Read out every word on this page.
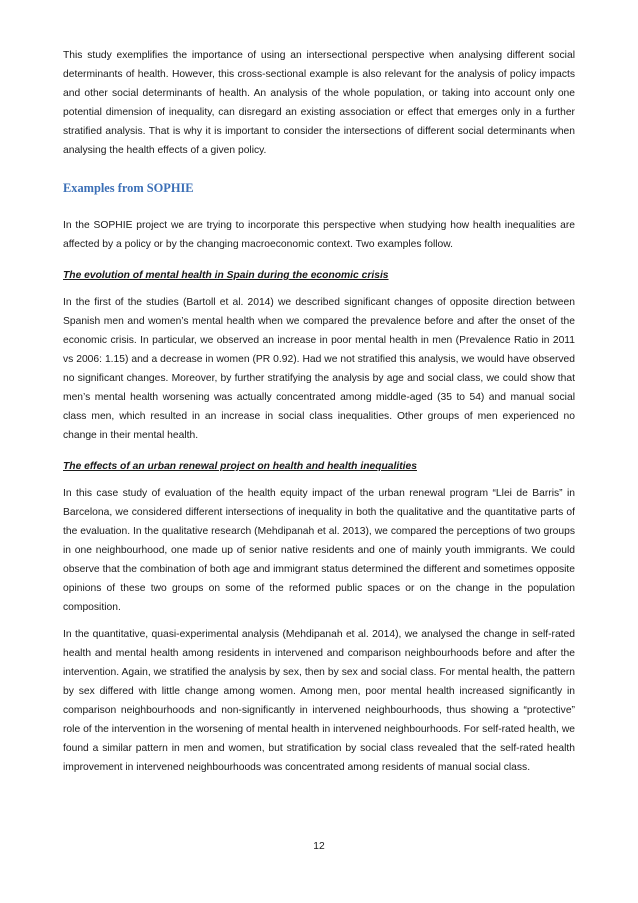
This study exemplifies the importance of using an intersectional perspective when analysing different social determinants of health. However, this cross-sectional example is also relevant for the analysis of policy impacts and other social determinants of health. An analysis of the whole population, or taking into account only one potential dimension of inequality, can disregard an existing association or effect that emerges only in a further stratified analysis. That is why it is important to consider the intersections of different social determinants when analysing the health effects of a given policy.

Examples from SOPHIE

In the SOPHIE project we are trying to incorporate this perspective when studying how health inequalities are affected by a policy or by the changing macroeconomic context. Two examples follow.

The evolution of mental health in Spain during the economic crisis

In the first of the studies (Bartoll et al. 2014) we described significant changes of opposite direction between Spanish men and women’s mental health when we compared the prevalence before and after the onset of the economic crisis. In particular, we observed an increase in poor mental health in men (Prevalence Ratio in 2011 vs 2006: 1.15) and a decrease in women (PR 0.92). Had we not stratified this analysis, we would have observed no significant changes. Moreover, by further stratifying the analysis by age and social class, we could show that men’s mental health worsening was actually concentrated among middle-aged (35 to 54) and manual social class men, which resulted in an increase in social class inequalities. Other groups of men experienced no change in their mental health.

The effects of an urban renewal project on health and health inequalities

In this case study of evaluation of the health equity impact of the urban renewal program “Llei de Barris” in Barcelona, we considered different intersections of inequality in both the qualitative and the quantitative parts of the evaluation. In the qualitative research (Mehdipanah et al. 2013), we compared the perceptions of two groups in one neighbourhood, one made up of senior native residents and one of mainly youth immigrants. We could observe that the combination of both age and immigrant status determined the different and sometimes opposite opinions of these two groups on some of the reformed public spaces or on the change in the population composition.

In the quantitative, quasi-experimental analysis (Mehdipanah et al. 2014), we analysed the change in self-rated health and mental health among residents in intervened and comparison neighbourhoods before and after the intervention. Again, we stratified the analysis by sex, then by sex and social class. For mental health, the pattern by sex differed with little change among women. Among men, poor mental health increased significantly in comparison neighbourhoods and non-significantly in intervened neighbourhoods, thus showing a “protective” role of the intervention in the worsening of mental health in intervened neighbourhoods. For self-rated health, we found a similar pattern in men and women, but stratification by social class revealed that the self-rated health improvement in intervened neighbourhoods was concentrated among residents of manual social class.

12
